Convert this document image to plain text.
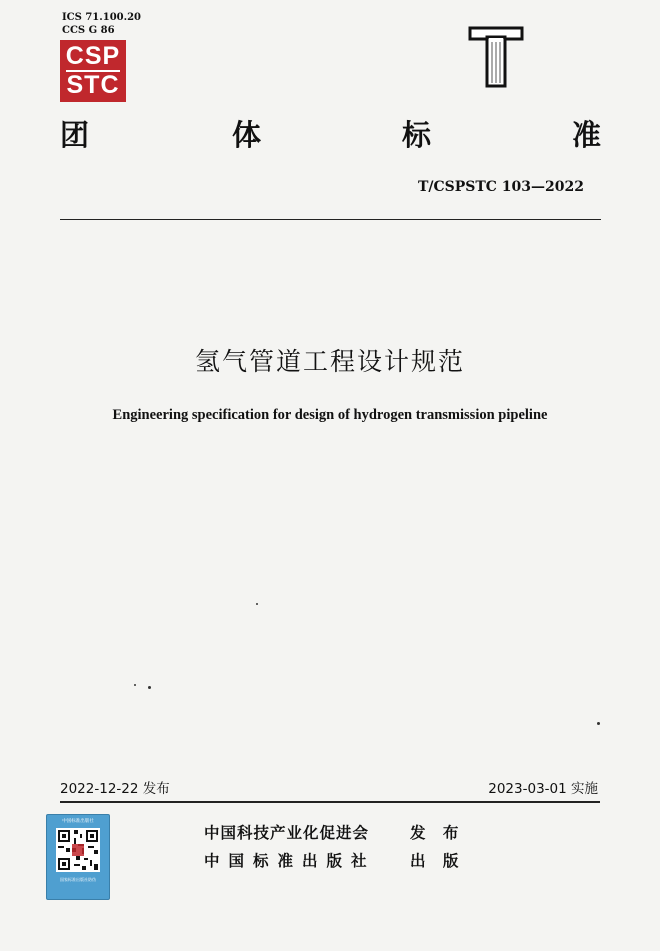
ICS 71.100.20
CCS G 86
CSP
STC
团	体	标	准
T/CSPSTC 103—2022
氢气管道工程设计规范
Engineering specification for design of hydrogen transmission pipeline
2022-12-22 发布	2023-03-01 实施
中国标准出版社
国家标准出版社防伪
中国科技产业化促进会	发 布
中国标准出版社 出 版
